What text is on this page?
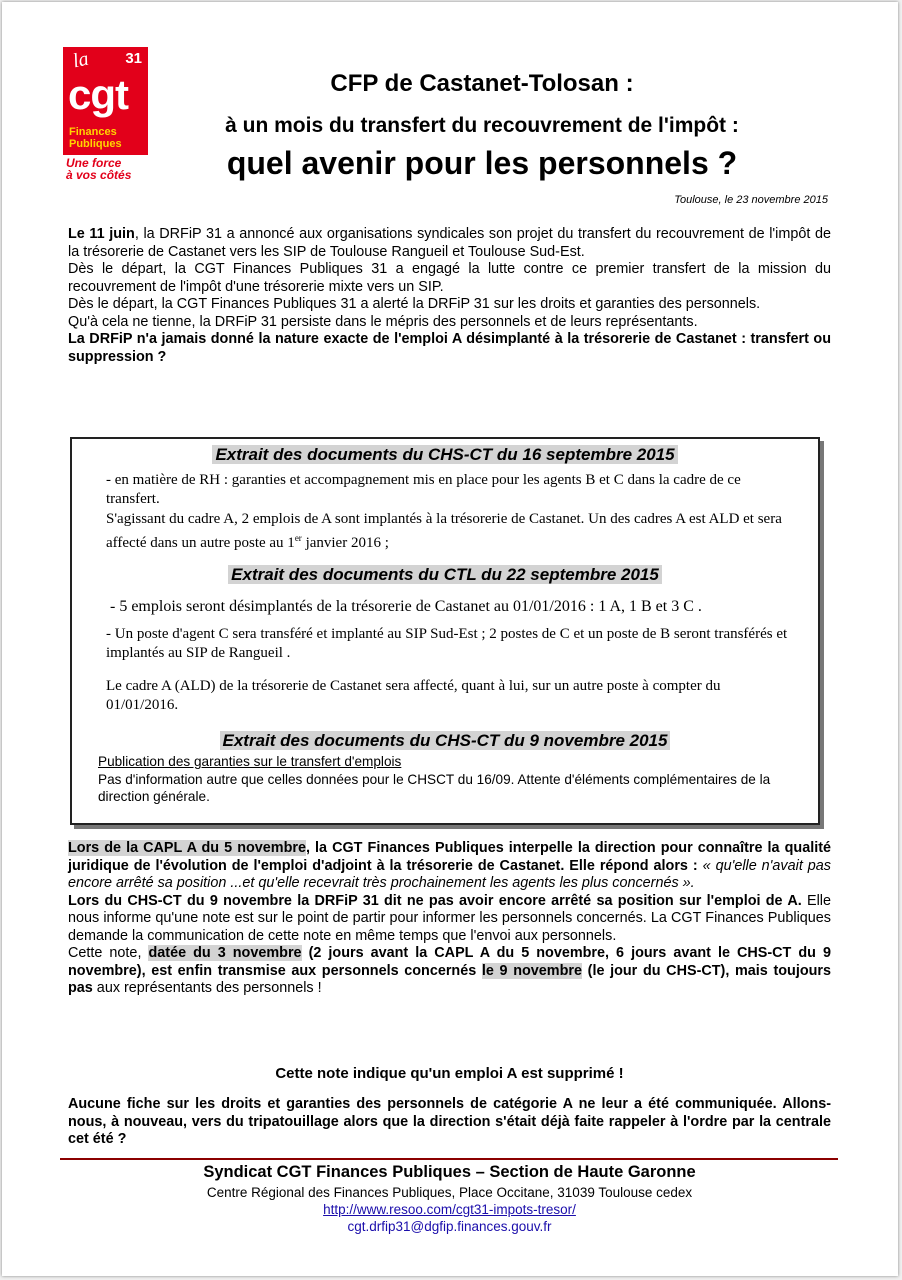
la 31
cgt
Finances
Publiques
Une force
à vos côtés
CFP de Castanet-Tolosan :
à un mois du transfert du recouvrement de l'impôt :
quel avenir pour les personnels ?
Toulouse, le 23 novembre 2015

Le 11 juin, la DRFiP 31 a annoncé aux organisations syndicales son projet du transfert du recouvrement de l'impôt de la trésorerie de Castanet vers les SIP de Toulouse Rangueil et Toulouse Sud-Est.

Dès le départ, la CGT Finances Publiques 31 a engagé la lutte contre ce premier transfert de la mission du recouvrement de l'impôt d'une trésorerie mixte vers un SIP.

Dès le départ, la CGT Finances Publiques 31 a alerté la DRFiP 31 sur les droits et garanties des personnels.

Qu'à cela ne tienne, la DRFiP 31 persiste dans le mépris des personnels et de leurs représentants.

La DRFiP n'a jamais donné la nature exacte de l'emploi A désimplanté à la trésorerie de Castanet : transfert ou suppression ?

Extrait des documents du CHS-CT du 16 septembre 2015
- en matière de RH : garanties et accompagnement mis en place pour les agents B et C dans la cadre de ce transfert.
S'agissant du cadre A, 2 emplois de A sont implantés à la trésorerie de Castanet. Un des cadres A est ALD et sera affecté dans un autre poste au 1er janvier 2016 ;
Extrait des documents du CTL du 22 septembre 2015
- 5 emplois seront désimplantés de la trésorerie de Castanet au 01/01/2016 : 1 A, 1 B et 3 C .
- Un poste d'agent C sera transféré et implanté au SIP Sud-Est ; 2 postes de C et un poste de B seront transférés et implantés au SIP de Rangueil .
Le cadre A (ALD) de la trésorerie de Castanet sera affecté, quant à lui, sur un autre poste à compter du 01/01/2016.
Extrait des documents du CHS-CT du 9 novembre 2015
Publication des garanties sur le transfert d'emplois
Pas d'information autre que celles données pour le CHSCT du 16/09. Attente d'éléments complémentaires de la direction générale.

Lors de la CAPL A du 5 novembre, la CGT Finances Publiques interpelle la direction pour connaître la qualité juridique de l'évolution de l'emploi d'adjoint à la trésorerie de Castanet. Elle répond alors : « qu'elle n'avait pas encore arrêté sa position ...et qu'elle recevrait très prochainement les agents les plus concernés ».

Lors du CHS-CT du 9 novembre la DRFiP 31 dit ne pas avoir encore arrêté sa position sur l'emploi de A. Elle nous informe qu'une note est sur le point de partir pour informer les personnels concernés. La CGT Finances Publiques demande la communication de cette note en même temps que l'envoi aux personnels.

Cette note, datée du 3 novembre (2 jours avant la CAPL A du 5 novembre, 6 jours avant le CHS-CT du 9 novembre), est enfin transmise aux personnels concernés le 9 novembre (le jour du CHS-CT), mais toujours pas aux représentants des personnels !

Cette note indique qu'un emploi A est supprimé !
Aucune fiche sur les droits et garanties des personnels de catégorie A ne leur a été communiquée. Allons-nous, à nouveau, vers du tripatouillage alors que la direction s'était déjà faite rappeler à l'ordre par la centrale cet été ?
Syndicat CGT Finances Publiques – Section de Haute Garonne
Centre Régional des Finances Publiques, Place Occitane, 31039 Toulouse cedex
http://www.resoo.com/cgt31-impots-tresor/
cgt.drfip31@dgfip.finances.gouv.fr
